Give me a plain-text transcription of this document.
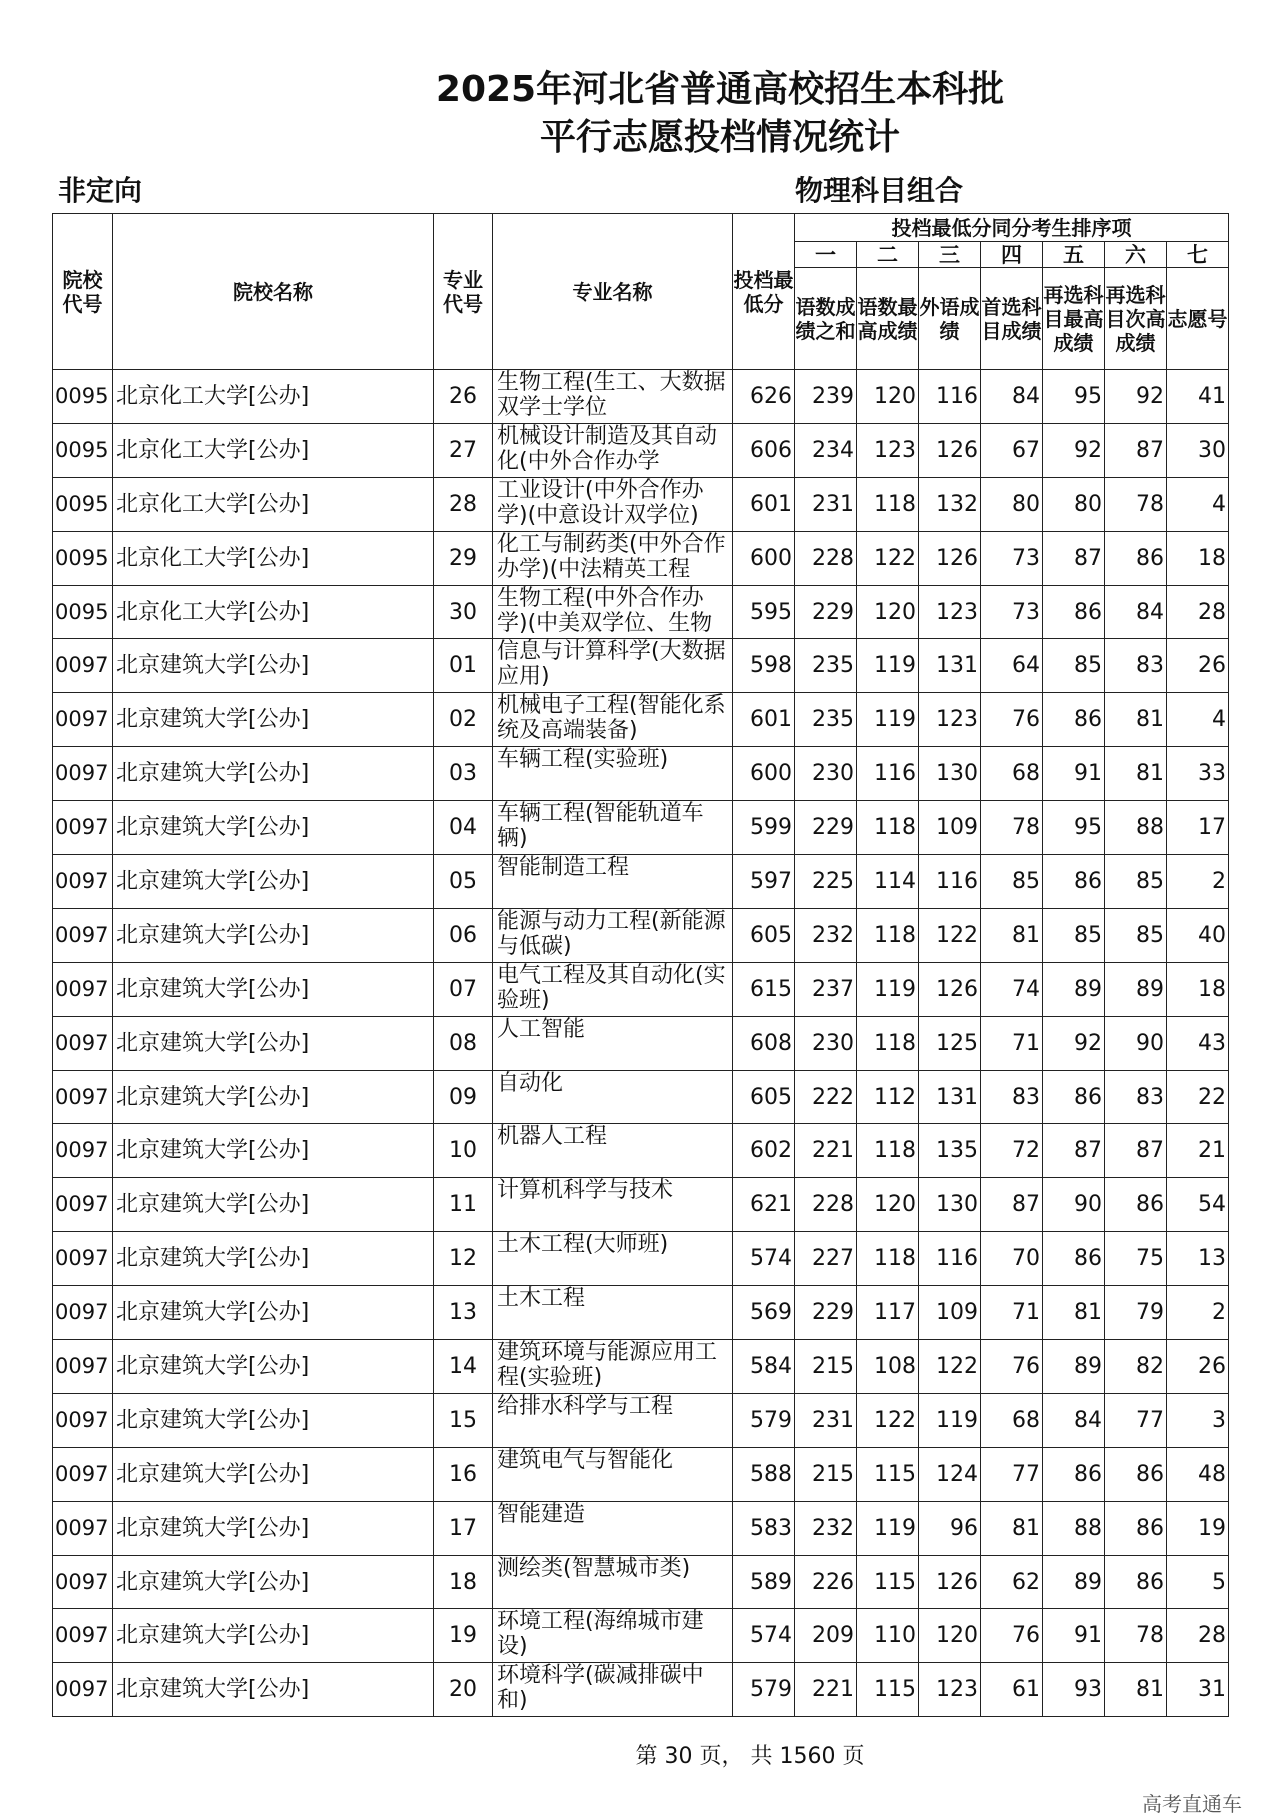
2025年河北省普通高校招生本科批
平行志愿投档情况统计
非定向	物理科目组合
院校代号	院校名称	专业代号	专业名称	投档最低分	投档最低分同分考生排序项						
					一	二	三	四	五	六	七
					语数成绩之和	语数最高成绩	外语成绩	首选科目成绩	再选科目最高成绩	再选科目次高成绩	志愿号
0095	北京化工大学[公办]	26	生物工程(生工、大数据双学士学位	626	239	120	116	84	95	92	41
0095	北京化工大学[公办]	27	机械设计制造及其自动化(中外合作办学	606	234	123	126	67	92	87	30
0095	北京化工大学[公办]	28	工业设计(中外合作办学)(中意设计双学位)	601	231	118	132	80	80	78	4
0095	北京化工大学[公办]	29	化工与制药类(中外合作办学)(中法精英工程	600	228	122	126	73	87	86	18
0095	北京化工大学[公办]	30	生物工程(中外合作办学)(中美双学位、生物	595	229	120	123	73	86	84	28
0097	北京建筑大学[公办]	01	信息与计算科学(大数据应用)	598	235	119	131	64	85	83	26
0097	北京建筑大学[公办]	02	机械电子工程(智能化系统及高端装备)	601	235	119	123	76	86	81	4
0097	北京建筑大学[公办]	03	车辆工程(实验班)	600	230	116	130	68	91	81	33
0097	北京建筑大学[公办]	04	车辆工程(智能轨道车辆)	599	229	118	109	78	95	88	17
0097	北京建筑大学[公办]	05	智能制造工程	597	225	114	116	85	86	85	2
0097	北京建筑大学[公办]	06	能源与动力工程(新能源与低碳)	605	232	118	122	81	85	85	40
0097	北京建筑大学[公办]	07	电气工程及其自动化(实验班)	615	237	119	126	74	89	89	18
0097	北京建筑大学[公办]	08	人工智能	608	230	118	125	71	92	90	43
0097	北京建筑大学[公办]	09	自动化	605	222	112	131	83	86	83	22
0097	北京建筑大学[公办]	10	机器人工程	602	221	118	135	72	87	87	21
0097	北京建筑大学[公办]	11	计算机科学与技术	621	228	120	130	87	90	86	54
0097	北京建筑大学[公办]	12	土木工程(大师班)	574	227	118	116	70	86	75	13
0097	北京建筑大学[公办]	13	土木工程	569	229	117	109	71	81	79	2
0097	北京建筑大学[公办]	14	建筑环境与能源应用工程(实验班)	584	215	108	122	76	89	82	26
0097	北京建筑大学[公办]	15	给排水科学与工程	579	231	122	119	68	84	77	3
0097	北京建筑大学[公办]	16	建筑电气与智能化	588	215	115	124	77	86	86	48
0097	北京建筑大学[公办]	17	智能建造	583	232	119	96	81	88	86	19
0097	北京建筑大学[公办]	18	测绘类(智慧城市类)	589	226	115	126	62	89	86	5
0097	北京建筑大学[公办]	19	环境工程(海绵城市建设)	574	209	110	120	76	91	78	28
0097	北京建筑大学[公办]	20	环境科学(碳减排碳中和)	579	221	115	123	61	93	81	31
第 30 页， 共 1560 页
高考直通车
